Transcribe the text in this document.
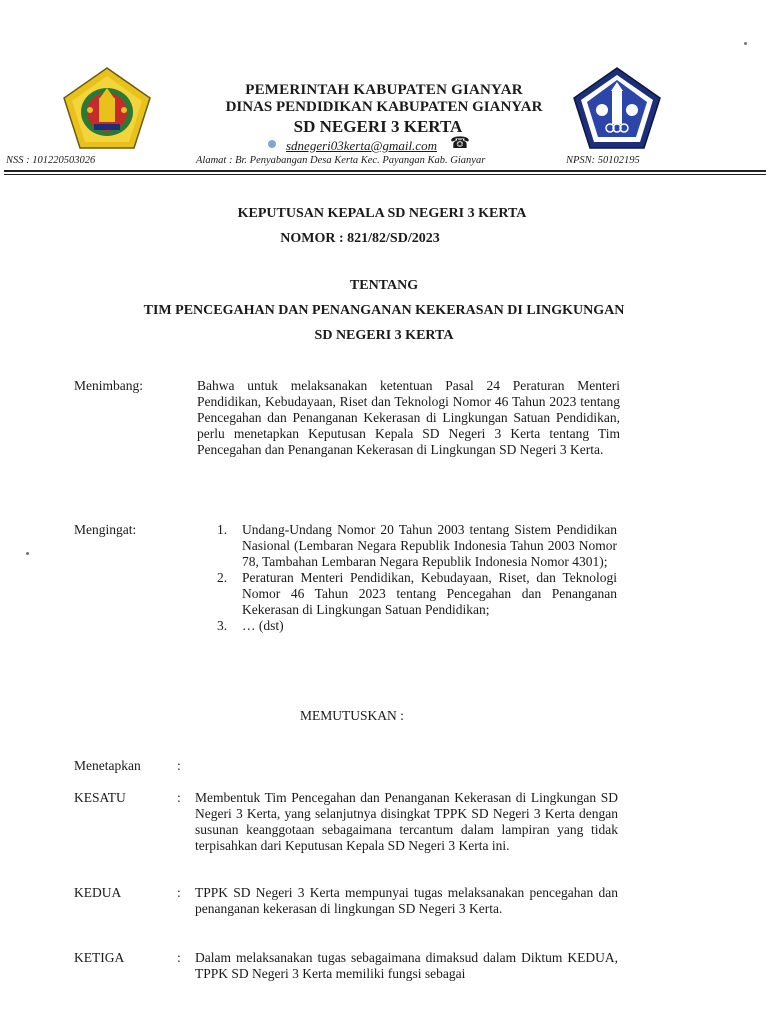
PEMERINTAH KABUPATEN GIANYAR
DINAS PENDIDIKAN KABUPATEN GIANYAR
SD NEGERI 3 KERTA
sdnegeri03kerta@gmail.com ☎
NSS : 101220503026	Alamat : Br. Penyabangan Desa Kerta Kec. Payangan Kab. Gianyar	NPSN: 50102195
KEPUTUSAN KEPALA SD NEGERI 3 KERTA
NOMOR : 821/82/SD/2023
TENTANG
TIM PENCEGAHAN DAN PENANGANAN KEKERASAN DI LINGKUNGAN
SD NEGERI 3 KERTA
Menimbang:	Bahwa untuk melaksanakan ketentuan Pasal 24 Peraturan Menteri Pendidikan, Kebudayaan, Riset dan Teknologi Nomor 46 Tahun 2023 tentang Pencegahan dan Penanganan Kekerasan di Lingkungan Satuan Pendidikan, perlu menetapkan Keputusan Kepala SD Negeri 3 Kerta tentang Tim Pencegahan dan Penanganan Kekerasan di Lingkungan SD Negeri 3 Kerta.
Mengingat:	1. Undang-Undang Nomor 20 Tahun 2003 tentang Sistem Pendidikan Nasional (Lembaran Negara Republik Indonesia Tahun 2003 Nomor 78, Tambahan Lembaran Negara Republik Indonesia Nomor 4301);
2. Peraturan Menteri Pendidikan, Kebudayaan, Riset, dan Teknologi Nomor 46 Tahun 2023 tentang Pencegahan dan Penanganan Kekerasan di Lingkungan Satuan Pendidikan;
3. … (dst)
MEMUTUSKAN :
Menetapkan	:
KESATU	: Membentuk Tim Pencegahan dan Penanganan Kekerasan di Lingkungan SD Negeri 3 Kerta, yang selanjutnya disingkat TPPK SD Negeri 3 Kerta dengan susunan keanggotaan sebagaimana tercantum dalam lampiran yang tidak terpisahkan dari Keputusan Kepala SD Negeri 3 Kerta ini.
KEDUA	: TPPK SD Negeri 3 Kerta mempunyai tugas melaksanakan pencegahan dan penanganan kekerasan di lingkungan SD Negeri 3 Kerta.
KETIGA	: Dalam melaksanakan tugas sebagaimana dimaksud dalam Diktum KEDUA, TPPK SD Negeri 3 Kerta memiliki fungsi sebagai
